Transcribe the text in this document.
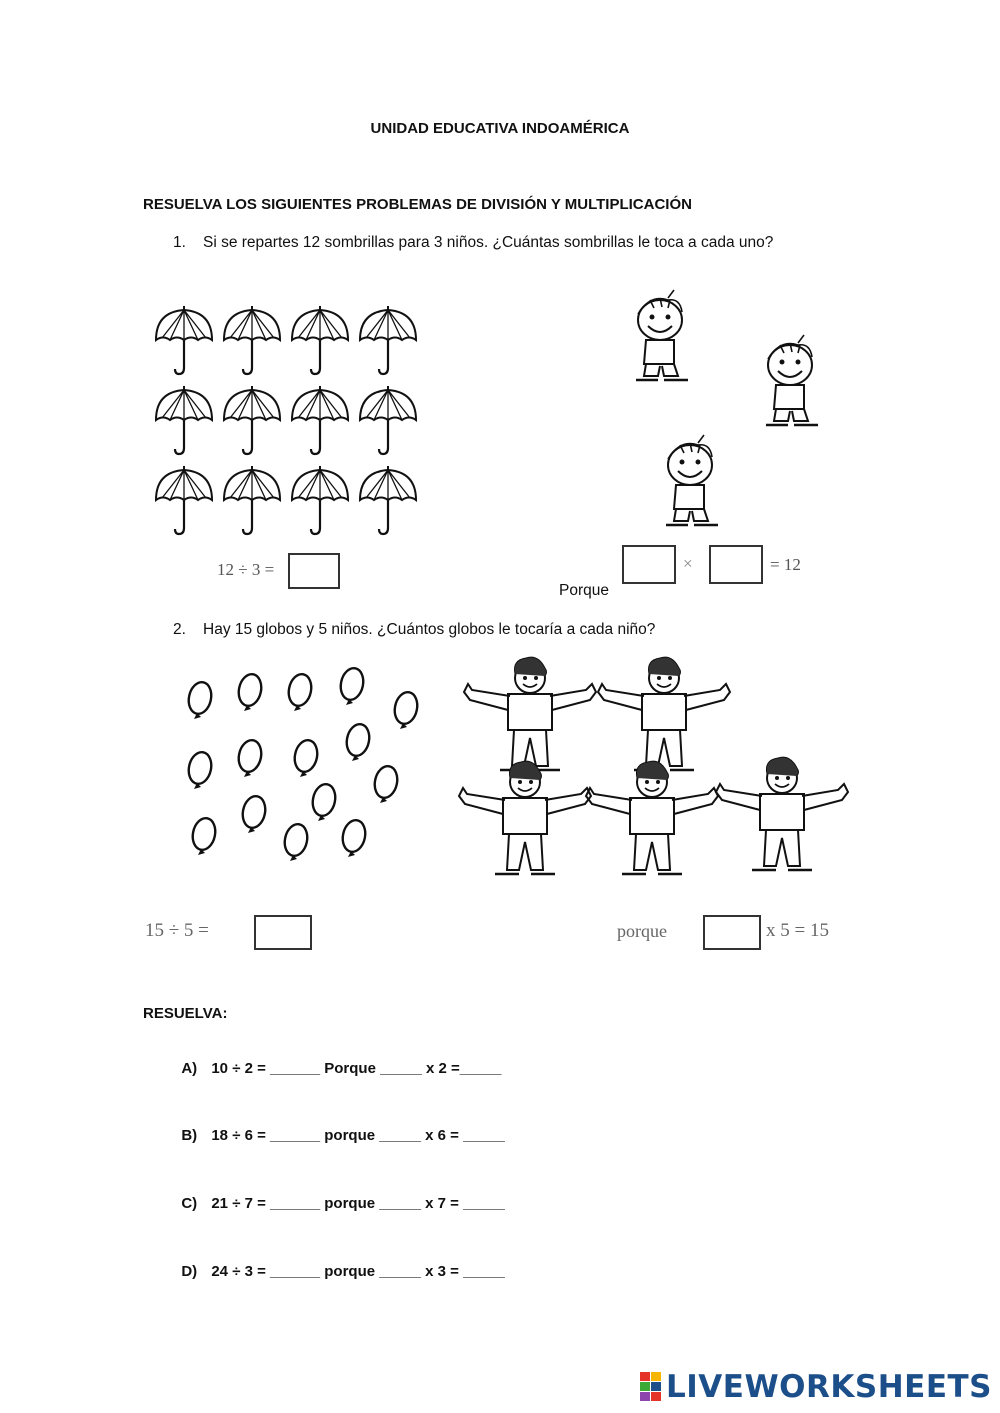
UNIDAD EDUCATIVA INDOAMÉRICA
RESUELVA LOS SIGUIENTES PROBLEMAS DE DIVISIÓN Y MULTIPLICACIÓN
1. Si se repartes 12 sombrillas para 3 niños. ¿Cuántas sombrillas le toca a cada uno?
12 ÷ 3 =
Porque
×	= 12
2. Hay 15 globos y 5 niños. ¿Cuántos globos le tocaría a cada niño?
15 ÷ 5 =	porque	x 5 = 15
RESUELVA:

A) 10 ÷ 2 = ______ Porque _____ x 2 =_____

B) 18 ÷ 6 = ______ porque _____ x 6 = _____

C) 21 ÷ 7 = ______ porque _____ x 7 = _____

D) 24 ÷ 3 = ______ porque _____ x 3 = _____

LIVEWORKSHEETS
